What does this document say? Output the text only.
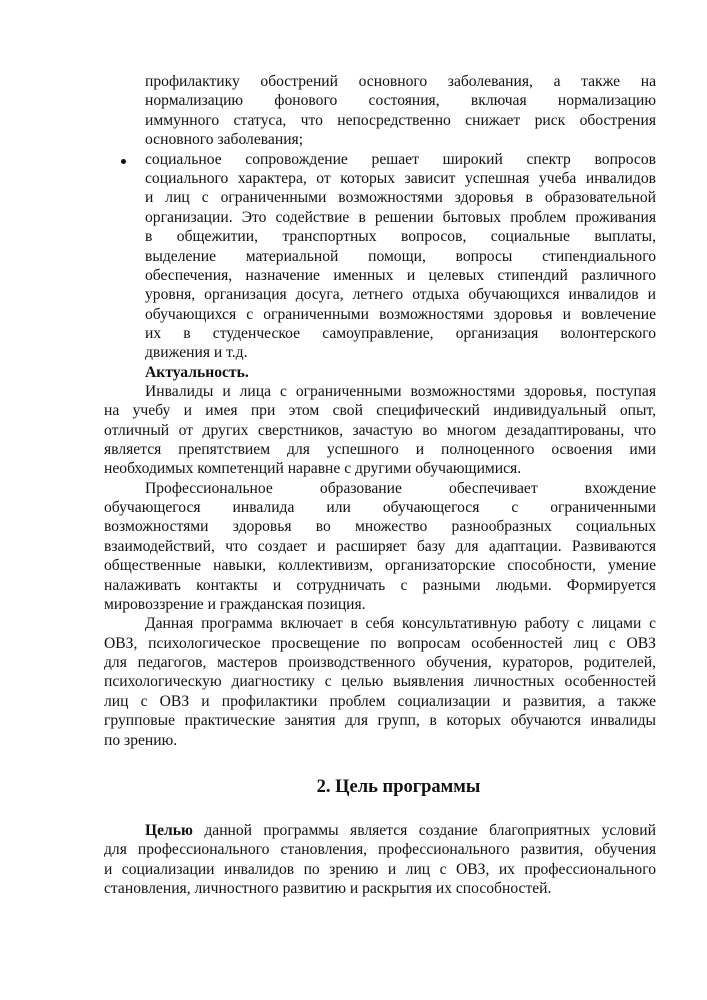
профилактику обострений основного заболевания, а также на
нормализацию фонового состояния, включая нормализацию
иммунного статуса, что непосредственно снижает риск обострения
основного заболевания;
социальное сопровождение решает широкий спектр вопросов
социального характера, от которых зависит успешная учеба инвалидов
и лиц с ограниченными возможностями здоровья в образовательной
организации. Это содействие в решении бытовых проблем проживания
в общежитии, транспортных вопросов, социальные выплаты,
выделение материальной помощи, вопросы стипендиального
обеспечения, назначение именных и целевых стипендий различного
уровня, организация досуга, летнего отдыха обучающихся инвалидов и
обучающихся с ограниченными возможностями здоровья и вовлечение
их в студенческое самоуправление, организация волонтерского
движения и т.д.
Актуальность.
Инвалиды и лица с ограниченными возможностями здоровья, поступая
на учебу и имея при этом свой специфический индивидуальный опыт,
отличный от других сверстников, зачастую во многом дезадаптированы, что
является препятствием для успешного и полноценного освоения ими
необходимых компетенций наравне с другими обучающимися.
Профессиональное образование обеспечивает вхождение
обучающегося инвалида или обучающегося с ограниченными
возможностями здоровья во множество разнообразных социальных
взаимодействий, что создает и расширяет базу для адаптации. Развиваются
общественные навыки, коллективизм, организаторские способности, умение
налаживать контакты и сотрудничать с разными людьми. Формируется
мировоззрение и гражданская позиция.
Данная программа включает в себя консультативную работу с лицами с
ОВЗ, психологическое просвещение по вопросам особенностей лиц с ОВЗ
для педагогов, мастеров производственного обучения, кураторов, родителей,
психологическую диагностику с целью выявления личностных особенностей
лиц с ОВЗ и профилактики проблем социализации и развития, а также
групповые практические занятия для групп, в которых обучаются инвалиды
по зрению.
2. Цель программы
Целью данной программы является создание благоприятных условий
для профессионального становления, профессионального развития, обучения
и социализации инвалидов по зрению и лиц с ОВЗ, их профессионального
становления, личностного развитию и раскрытия их способностей.
